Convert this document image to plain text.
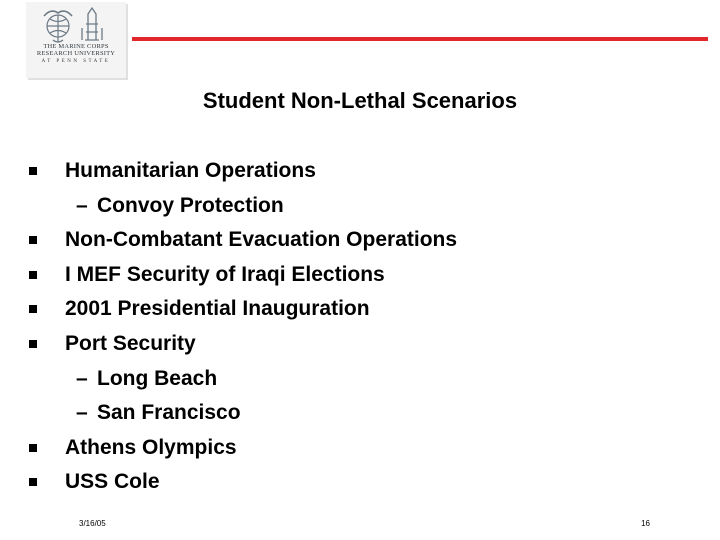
THE MARINE CORPS
RESEARCH UNIVERSITY
AT PENN STATE
Student Non-Lethal Scenarios
Humanitarian Operations
– Convoy Protection
Non-Combatant Evacuation Operations
I MEF Security of Iraqi Elections
2001 Presidential Inauguration
Port Security
– Long Beach
– San Francisco
Athens Olympics
USS Cole
3/16/05	16
